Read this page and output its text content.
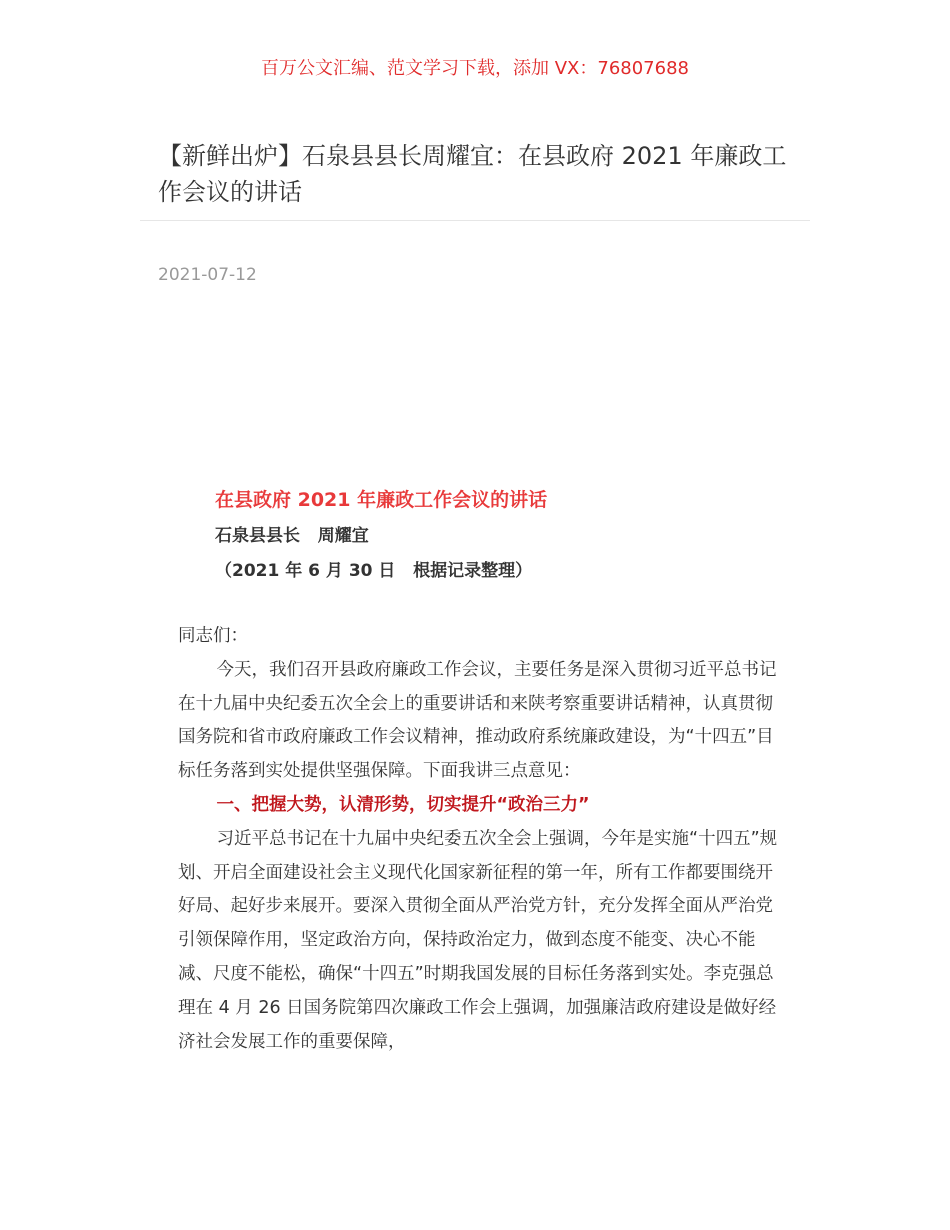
百万公文汇编、范文学习下载，添加 VX：76807688
【新鲜出炉】石泉县县长周耀宜：在县政府 2021 年廉政工作会议的讲话
2021-07-12
在县政府 2021 年廉政工作会议的讲话
石泉县县长   周耀宜
（2021 年 6 月 30 日   根据记录整理）

同志们：

今天，我们召开县政府廉政工作会议，主要任务是深入贯彻习近平总书记在十九届中央纪委五次全会上的重要讲话和来陕考察重要讲话精神，认真贯彻国务院和省市政府廉政工作会议精神，推动政府系统廉政建设，为“十四五”目标任务落到实处提供坚强保障。下面我讲三点意见：

一、把握大势，认清形势，切实提升“政治三力”

习近平总书记在十九届中央纪委五次全会上强调，今年是实施“十四五”规划、开启全面建设社会主义现代化国家新征程的第一年，所有工作都要围绕开好局、起好步来展开。要深入贯彻全面从严治党方针，充分发挥全面从严治党引领保障作用，坚定政治方向，保持政治定力，做到态度不能变、决心不能减、尺度不能松，确保“十四五”时期我国发展的目标任务落到实处。李克强总理在 4 月 26 日国务院第四次廉政工作会上强调，加强廉洁政府建设是做好经济社会发展工作的重要保障，
